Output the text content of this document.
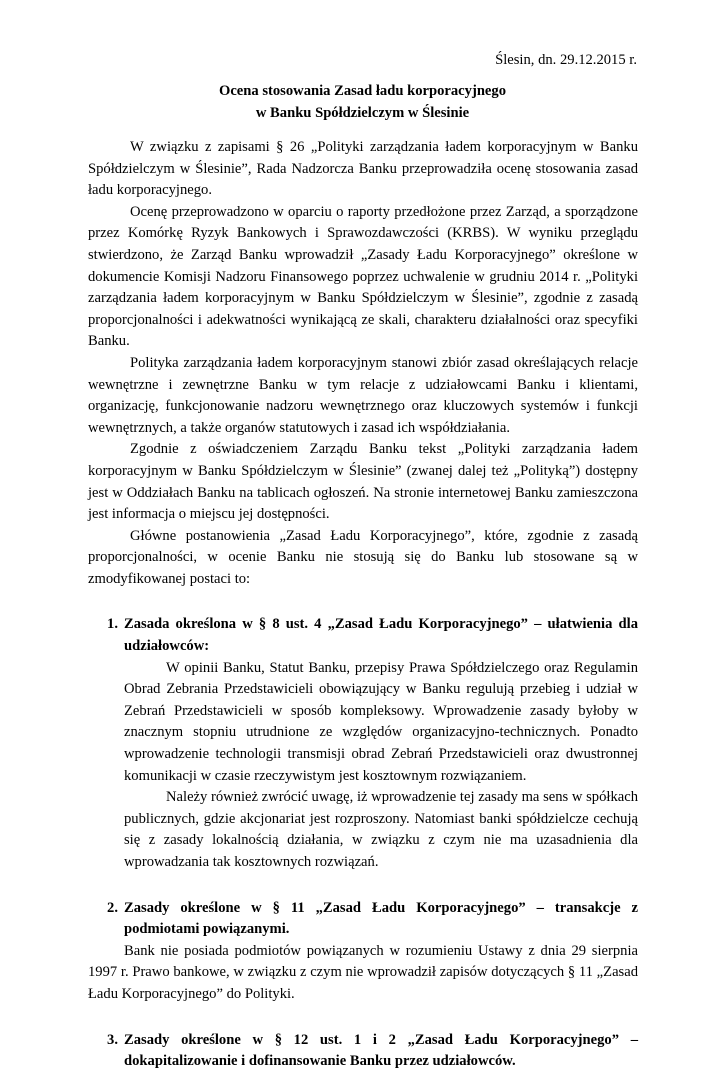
Ślesin, dn. 29.12.2015 r.
Ocena stosowania Zasad ładu korporacyjnego
w Banku Spółdzielczym w Ślesinie

W związku z zapisami § 26 „Polityki zarządzania ładem korporacyjnym w Banku Spółdzielczym w Ślesinie”, Rada Nadzorcza Banku przeprowadziła ocenę stosowania zasad ładu korporacyjnego.

Ocenę przeprowadzono w oparciu o raporty przedłożone przez Zarząd, a sporządzone przez Komórkę Ryzyk Bankowych i Sprawozdawczości (KRBS). W wyniku przeglądu stwierdzono, że Zarząd Banku wprowadził „Zasady Ładu Korporacyjnego” określone w dokumencie Komisji Nadzoru Finansowego poprzez uchwalenie w grudniu 2014 r. „Polityki zarządzania ładem korporacyjnym w Banku Spółdzielczym w Ślesinie”, zgodnie z zasadą proporcjonalności i adekwatności wynikającą ze skali, charakteru działalności oraz specyfiki Banku.

Polityka zarządzania ładem korporacyjnym stanowi zbiór zasad określających relacje wewnętrzne i zewnętrzne Banku w tym relacje z udziałowcami Banku i klientami, organizację, funkcjonowanie nadzoru wewnętrznego oraz kluczowych systemów i funkcji wewnętrznych, a także organów statutowych i zasad ich współdziałania.

Zgodnie z oświadczeniem Zarządu Banku tekst „Polityki zarządzania ładem korporacyjnym w Banku Spółdzielczym w Ślesinie” (zwanej dalej też „Polityką”) dostępny jest w Oddziałach Banku na tablicach ogłoszeń. Na stronie internetowej Banku zamieszczona jest informacja o miejscu jej dostępności.

Główne postanowienia „Zasad Ładu Korporacyjnego”, które, zgodnie z zasadą proporcjonalności, w ocenie Banku nie stosują się do Banku lub stosowane są w zmodyfikowanej postaci to:

1. Zasada określona w § 8 ust. 4 „Zasad Ładu Korporacyjnego” – ułatwienia dla udziałowców:

W opinii Banku, Statut Banku, przepisy Prawa Spółdzielczego oraz Regulamin Obrad Zebrania Przedstawicieli obowiązujący w Banku regulują przebieg i udział w Zebrań Przedstawicieli w sposób kompleksowy. Wprowadzenie zasady byłoby w znacznym stopniu utrudnione ze względów organizacyjno-technicznych. Ponadto wprowadzenie technologii transmisji obrad Zebrań Przedstawicieli oraz dwustronnej komunikacji w czasie rzeczywistym jest kosztownym rozwiązaniem.

Należy również zwrócić uwagę, iż wprowadzenie tej zasady ma sens w spółkach publicznych, gdzie akcjonariat jest rozproszony. Natomiast banki spółdzielcze cechują się z zasady lokalnością działania, w związku z czym nie ma uzasadnienia dla wprowadzania tak kosztownych rozwiązań.

2. Zasady określone w § 11 „Zasad Ładu Korporacyjnego” – transakcje z podmiotami powiązanymi.

Bank nie posiada podmiotów powiązanych w rozumieniu Ustawy z dnia 29 sierpnia 1997 r. Prawo bankowe, w związku z czym nie wprowadził zapisów dotyczących § 11 „Zasad Ładu Korporacyjnego” do Polityki.

3. Zasady określone w § 12 ust. 1 i 2 „Zasad Ładu Korporacyjnego” – dokapitalizowanie i dofinansowanie Banku przez udziałowców.
